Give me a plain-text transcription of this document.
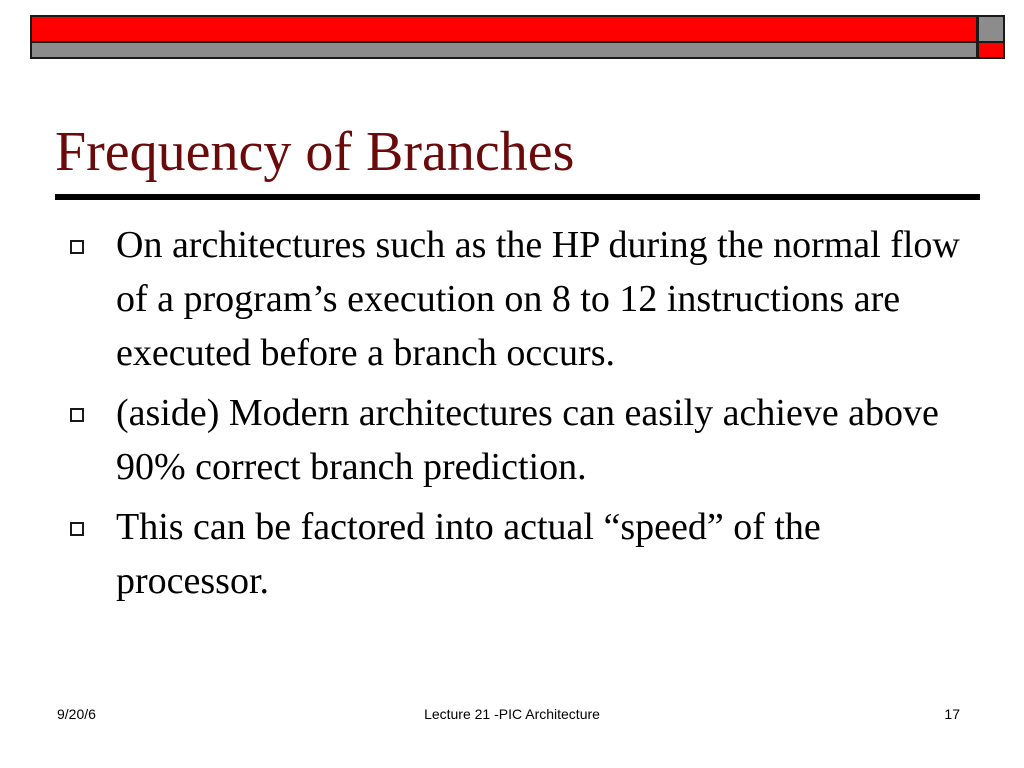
Frequency of Branches
On architectures such as the HP during the normal flow of a program’s execution on 8 to 12 instructions are executed before a branch occurs.
(aside) Modern architectures can easily achieve above 90% correct branch prediction.
This can be factored into actual “speed” of the processor.
9/20/6	Lecture 21 -PIC Architecture	17
